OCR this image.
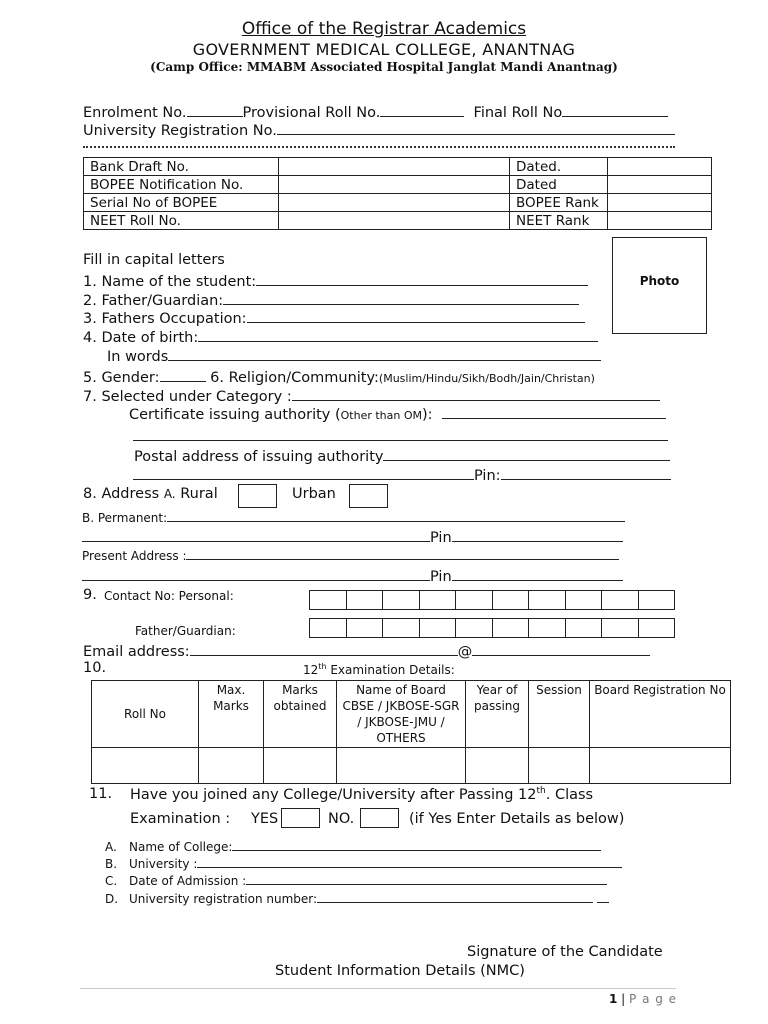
Office of the Registrar Academics
GOVERNMENT MEDICAL COLLEGE, ANANTNAG
(Camp Office: MMABM Associated Hospital Janglat Mandi Anantnag)
Enrolment No.	Provisional Roll No.	Final Roll No
University Registration No.
Bank Draft No.		Dated.	
BOPEE Notification No.		Dated	
Serial No of BOPEE		BOPEE Rank	
NEET Roll No.		NEET Rank	
Photo
Fill in capital letters
1. Name of the student:
2. Father/Guardian:
3. Fathers Occupation:
4. Date of birth:
In words
5. Gender:	6. Religion/Community:(Muslim/Hindu/Sikh/Bodh/Jain/Christan)
7. Selected under Category :
Certificate issuing authority (Other than OM):
Postal address of issuing authority
Pin:
8. Address A. Rural	Urban
B. Permanent:
Pin
Present Address :
Pin
9. Contact No: Personal:
Father/Guardian:
Email address:	@
10.	12th Examination Details:
Roll No	Max. Marks	Marks obtained	Name of Board CBSE / JKBOSE-SGR / JKBOSE-JMU / OTHERS	Year of passing	Session	Board Registration No

11. Have you joined any College/University after Passing 12th. Class
Examination : YES	NO.	(if Yes Enter Details as below)
A. Name of College:
B. University :
C. Date of Admission :
D. University registration number:
Signature of the Candidate
Student Information Details (NMC)
1 | P a g e
